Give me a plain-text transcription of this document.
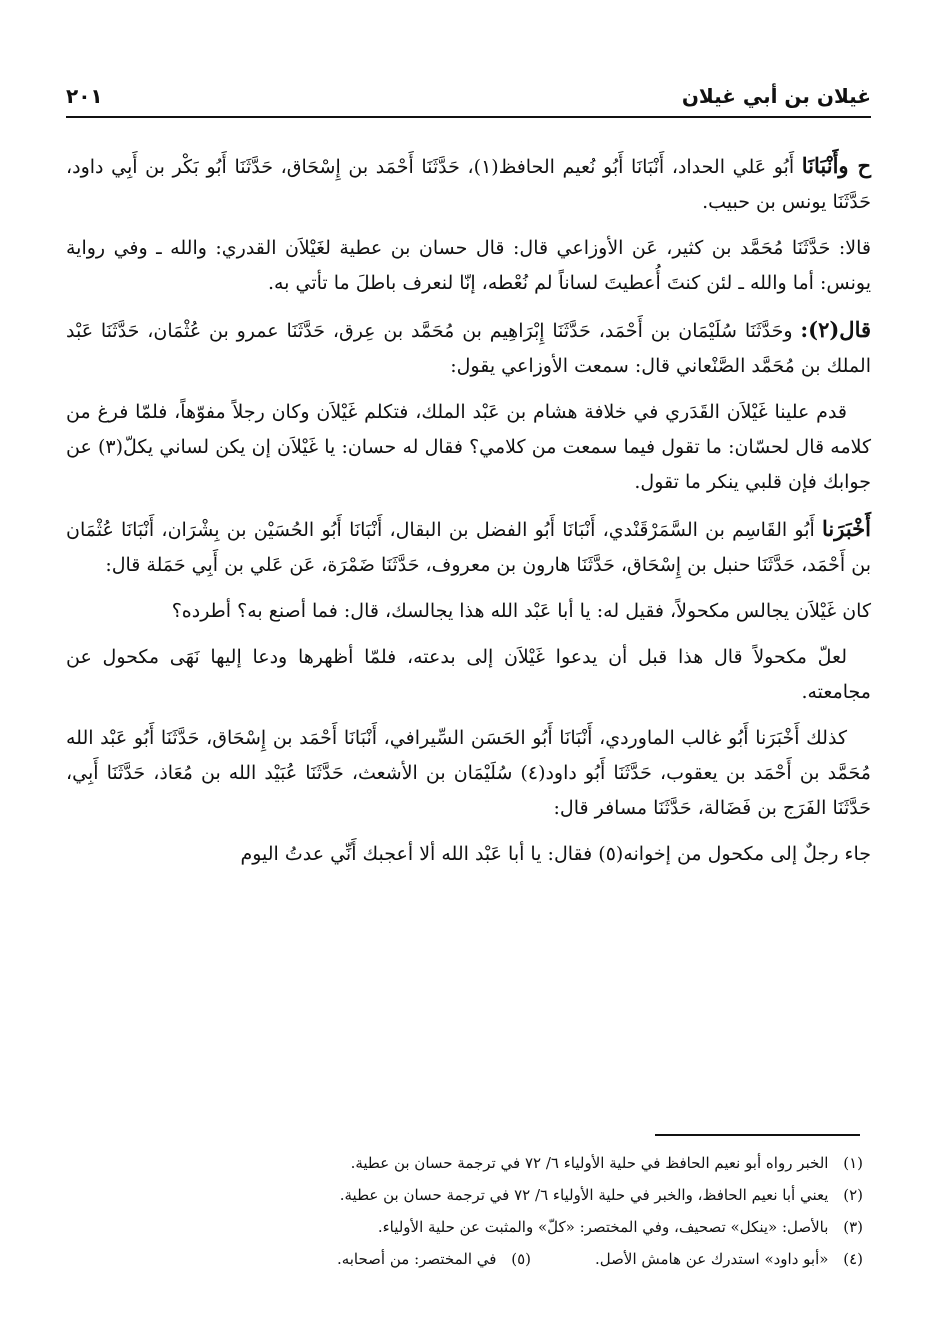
غيلان بن أبي غيلان
٢٠١

ح وأَنْبَانَا أَبُو عَلي الحداد، أَنْبَانَا أَبُو نُعيم الحافظ(١)، حَدَّثَنَا أَحْمَد بن إِسْحَاق، حَدَّثَنَا أَبُو بَكْر بن أَبِي داود، حَدَّثَنَا يونس بن حبيب.

قالا: حَدَّثَنَا مُحَمَّد بن كثير، عَن الأوزاعي قال: قال حسان بن عطية لغَيْلاَن القدري: والله ـ وفي رواية يونس: أما والله ـ لئن كنتَ أُعطيتَ لساناً لم نُعْطه، إنّا لنعرف باطلَ ما تأتي به.

قال(٢): وحَدَّثَنَا سُلَيْمَان بن أَحْمَد، حَدَّثَنَا إِبْرَاهِيم بن مُحَمَّد بن عِرق، حَدَّثَنَا عمرو بن عُثْمَان، حَدَّثَنَا عَبْد الملك بن مُحَمَّد الصَّنْعاني قال: سمعت الأوزاعي يقول:

قدم علينا غَيْلاَن القَدَري في خلافة هشام بن عَبْد الملك، فتكلم غَيْلاَن وكان رجلاً مفوّهاً، فلمّا فرغ من كلامه قال لحسّان: ما تقول فيما سمعت من كلامي؟ فقال له حسان: يا غَيْلاَن إن يكن لساني يكلّ(٣) عن جوابك فإن قلبي ينكر ما تقول.

أَخْبَرَنا أَبُو القَاسِم بن السَّمَرْقَنْدي، أَنْبَانَا أَبُو الفضل بن البقال، أَنْبَانَا أَبُو الحُسَيْن بن بِشْرَان، أَنْبَانَا عُثْمَان بن أَحْمَد، حَدَّثَنَا حنبل بن إِسْحَاق، حَدَّثَنَا هارون بن معروف، حَدَّثَنَا ضَمْرَة، عَن عَلي بن أَبِي حَمَلة قال:

كان غَيْلاَن يجالس مكحولاً، فقيل له: يا أبا عَبْد الله هذا يجالسك، قال: فما أصنع به؟ أطرده؟

لعلّ مكحولاً قال هذا قبل أن يدعوا غَيْلاَن إلى بدعته، فلمّا أظهرها ودعا إليها نَهَى مكحول عن مجامعته.

كذلك أَخْبَرَنا أَبُو غالب الماوردي، أَنْبَانَا أَبُو الحَسَن السِّيرافي، أَنْبَانَا أَحْمَد بن إِسْحَاق، حَدَّثَنَا أَبُو عَبْد الله مُحَمَّد بن أَحْمَد بن يعقوب، حَدَّثَنَا أَبُو داود(٤) سُلَيْمَان بن الأشعث، حَدَّثَنَا عُبَيْد الله بن مُعَاذ، حَدَّثَنَا أَبِي، حَدَّثَنَا الفَرَج بن فَضَالة، حَدَّثَنَا مسافر قال:

جاء رجلٌ إلى مكحول من إخوانه(٥) فقال: يا أبا عَبْد الله ألا أعجبك أَنِّي عدتُ اليوم

(١) الخبر رواه أبو نعيم الحافظ في حلية الأولياء ٦/ ٧٢ في ترجمة حسان بن عطية.

(٢) يعني أبا نعيم الحافظ، والخبر في حلية الأولياء ٦/ ٧٢ في ترجمة حسان بن عطية.

(٣) بالأصل: «ينكل» تصحيف، وفي المختصر: «كلّ» والمثبت عن حلية الأولياء.

(٤) «أبو داود» استدرك عن هامش الأصل.

(٥) في المختصر: من أصحابه.
